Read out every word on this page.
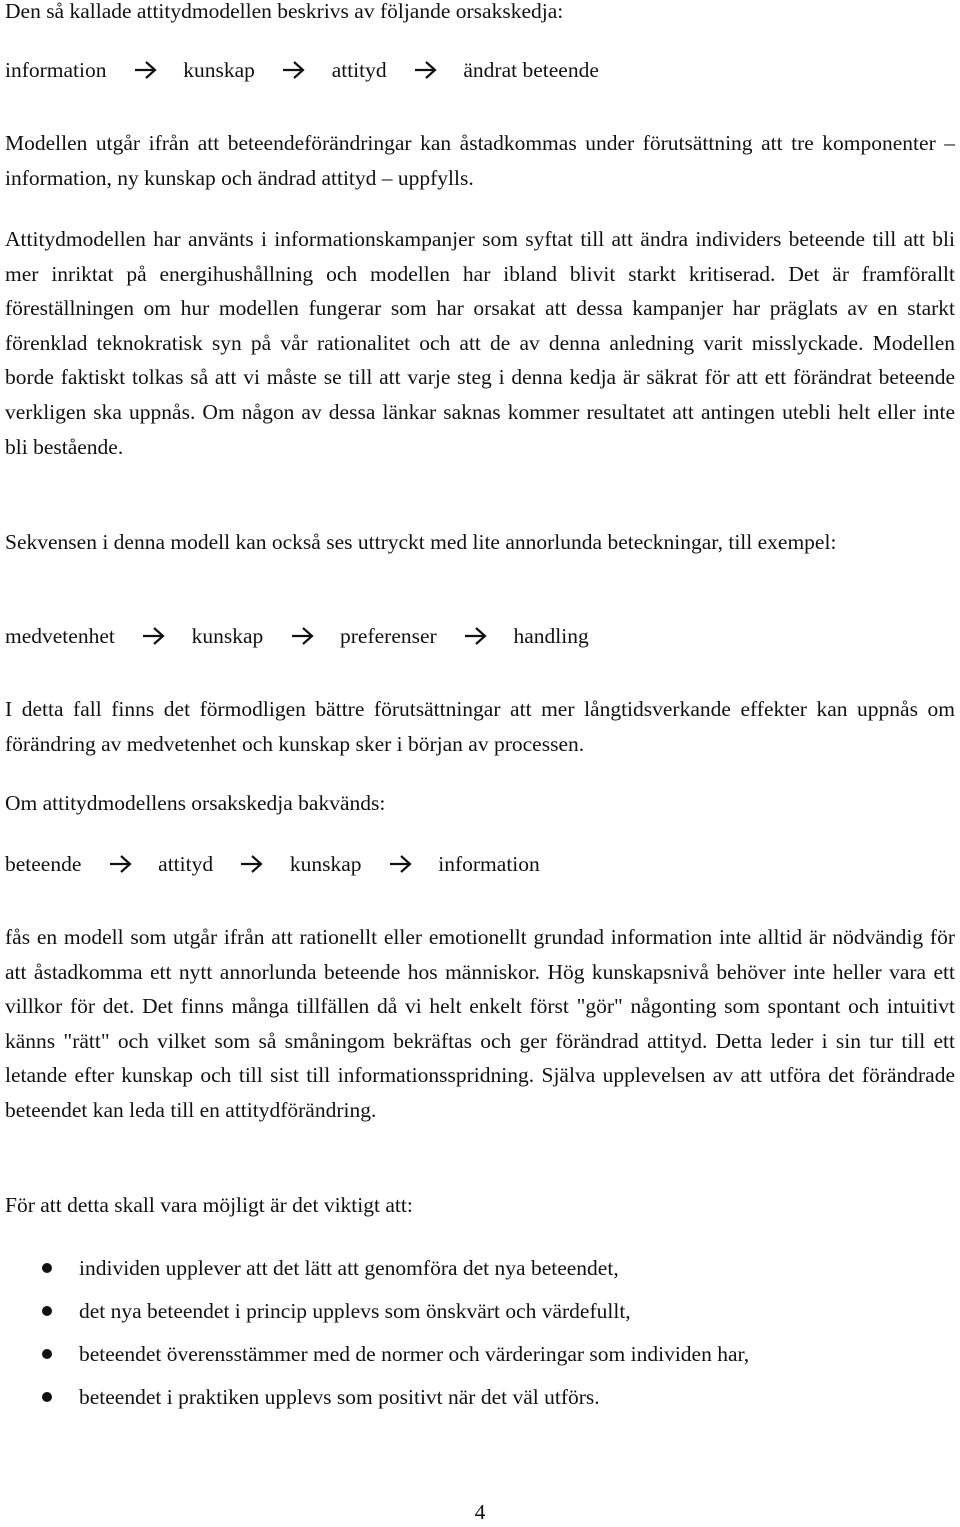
Den så kallade attitydmodellen beskrivs av följande orsakskedja:

information	kunskap	attityd	ändrat beteende

Modellen utgår ifrån att beteendeförändringar kan åstadkommas under förutsättning att tre komponenter – information, ny kunskap och ändrad attityd – uppfylls.

Attitydmodellen har använts i informationskampanjer som syftat till att ändra individers beteende till att bli mer inriktat på energihushållning och modellen har ibland blivit starkt kritiserad. Det är framförallt föreställningen om hur modellen fungerar som har orsakat att dessa kampanjer har präglats av en starkt förenklad teknokratisk syn på vår rationalitet och att de av denna anledning varit misslyckade. Modellen borde faktiskt tolkas så att vi måste se till att varje steg i denna kedja är säkrat för att ett förändrat beteende verkligen ska uppnås. Om någon av dessa länkar saknas kommer resultatet att antingen utebli helt eller inte bli bestående.

Sekvensen i denna modell kan också ses uttryckt med lite annorlunda beteckningar, till exempel:

medvetenhet	kunskap	preferenser	handling

I detta fall finns det förmodligen bättre förutsättningar att mer långtidsverkande effekter kan uppnås om förändring av medvetenhet och kunskap sker i början av processen.

Om attitydmodellens orsakskedja bakvänds:

beteende	attityd	kunskap	information

fås en modell som utgår ifrån att rationellt eller emotionellt grundad information inte alltid är nödvändig för att åstadkomma ett nytt annorlunda beteende hos människor. Hög kunskapsnivå behöver inte heller vara ett villkor för det. Det finns många tillfällen då vi helt enkelt först "gör" någonting som spontant och intuitivt känns "rätt" och vilket som så småningom bekräftas och ger förändrad attityd. Detta leder i sin tur till ett letande efter kunskap och till sist till informationsspridning. Själva upplevelsen av att utföra det förändrade beteendet kan leda till en attitydförändring.

För att detta skall vara möjligt är det viktigt att:

individen upplever att det lätt att genomföra det nya beteendet,
det nya beteendet i princip upplevs som önskvärt och värdefullt,
beteendet överensstämmer med de normer och värderingar som individen har,
beteendet i praktiken upplevs som positivt när det väl utförs.
4
